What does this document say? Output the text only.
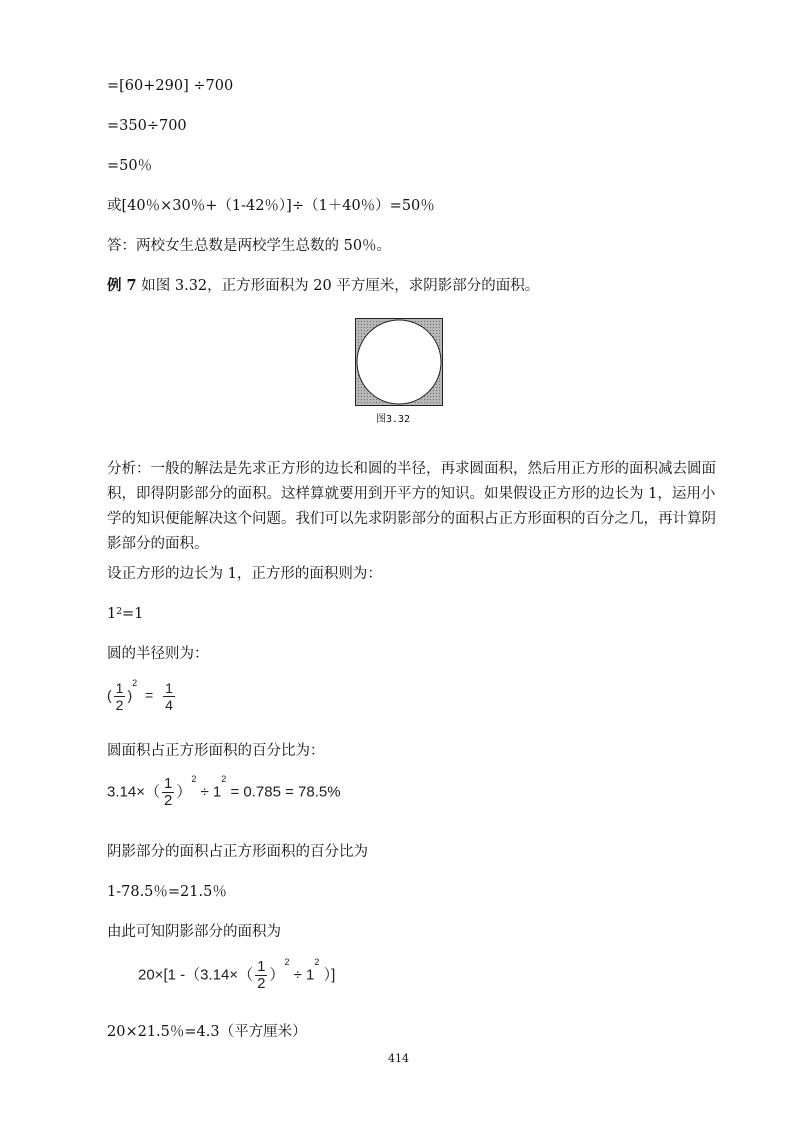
=[60+290] ÷700
=350÷700
=50％
或[40％×30％+（1-42％）]÷（1＋40％）=50％
答：两校女生总数是两校学生总数的 50％。
例 7 如图 3.32，正方形面积为 20 平方厘米，求阴影部分的面积。
图3.32
分析：一般的解法是先求正方形的边长和圆的半径，再求圆面积，然后用正方形的面积减去圆面积，即得阴影部分的面积。这样算就要用到开平方的知识。如果假设正方形的边长为 1，运用小学的知识便能解决这个问题。我们可以先求阴影部分的面积占正方形面积的百分之几，再计算阴影部分的面积。
设正方形的边长为 1，正方形的面积则为：
$1^2=1$
圆的半径则为：
( $\frac{1}{2} )^2 = \frac{1}{4}$
圆面积占正方形面积的百分比为：
$3.14\times( \frac{1}{2} )^2 \div 1^2 = 0.785 = 78.5\%$
阴影部分的面积占正方形面积的百分比为
1-78.5％=21.5％
由此可知阴影部分的面积为
20×[1 $-(3.14\times( \frac{1}{2} )^2 \div 1^2$ ）]
20×21.5％=4.3（平方厘米）
414
